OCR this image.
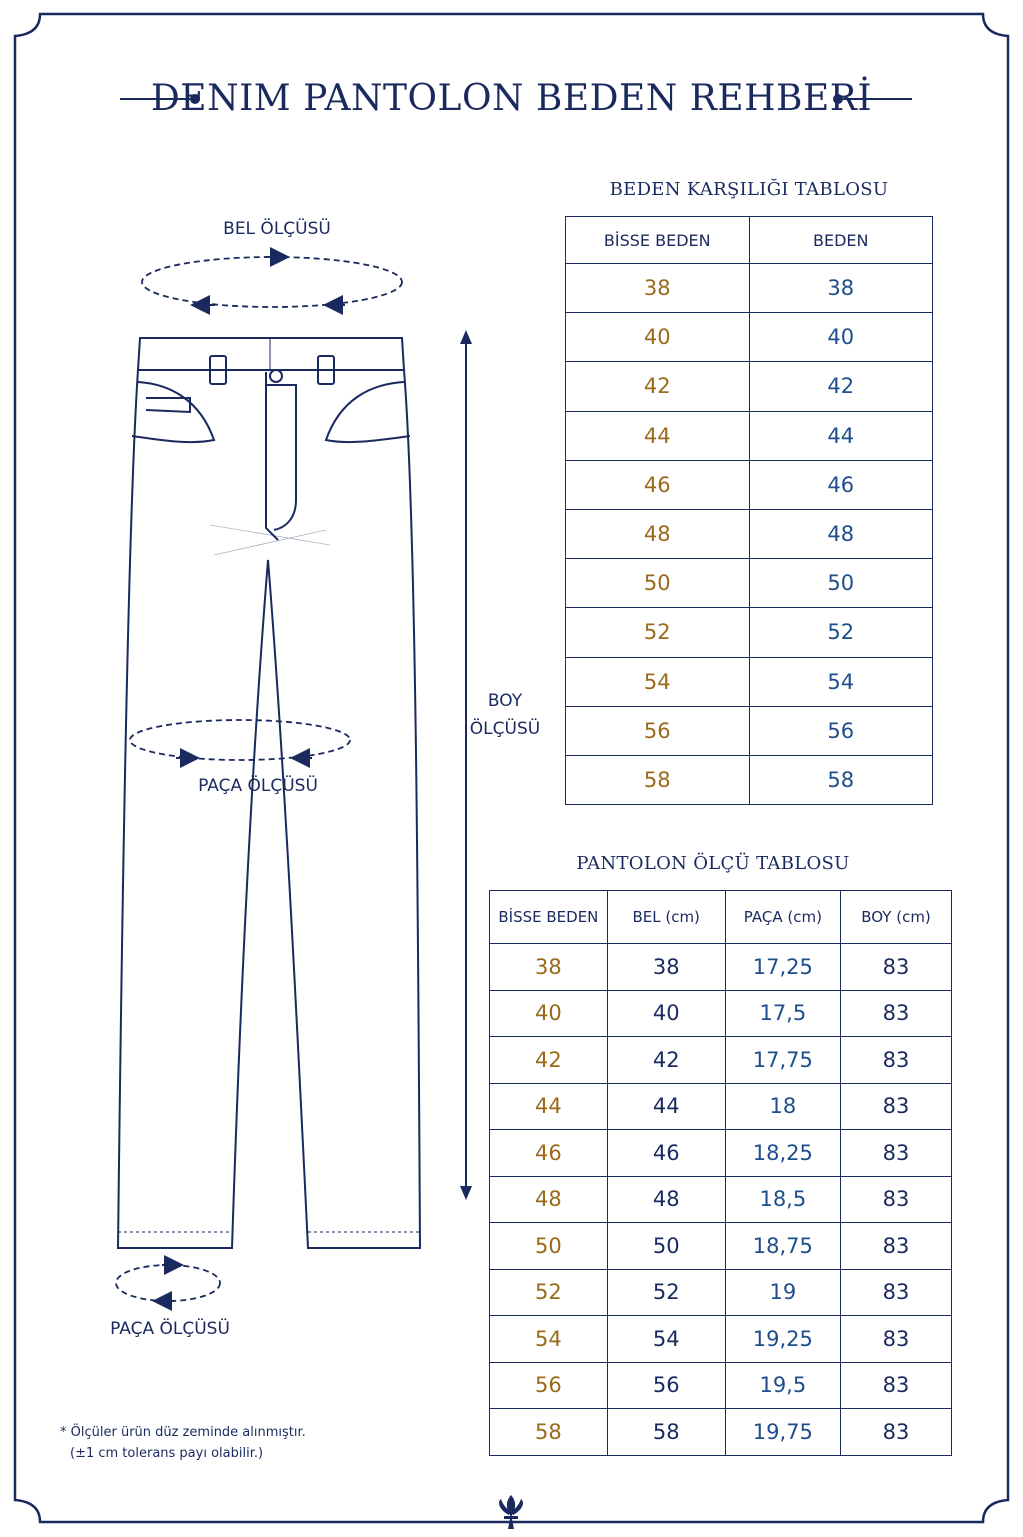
DENIM PANTOLON BEDEN REHBERİ
BEL ÖLÇÜSÜ
BOY
ÖLÇÜSÜ
PAÇA ÖLÇÜSÜ
PAÇA ÖLÇÜSÜ
* Ölçüler ürün düz zeminde alınmıştır.
(±1 cm tolerans payı olabilir.)
BEDEN KARŞILIĞI TABLOSU
BİSSE BEDEN	BEDEN
38	38
40	40
42	42
44	44
46	46
48	48
50	50
52	52
54	54
56	56
58	58
PANTOLON ÖLÇÜ TABLOSU
BİSSE BEDEN	BEL (cm)	PAÇA (cm)	BOY (cm)
38	38	17,25	83
40	40	17,5	83
42	42	17,75	83
44	44	18	83
46	46	18,25	83
48	48	18,5	83
50	50	18,75	83
52	52	19	83
54	54	19,25	83
56	56	19,5	83
58	58	19,75	83
